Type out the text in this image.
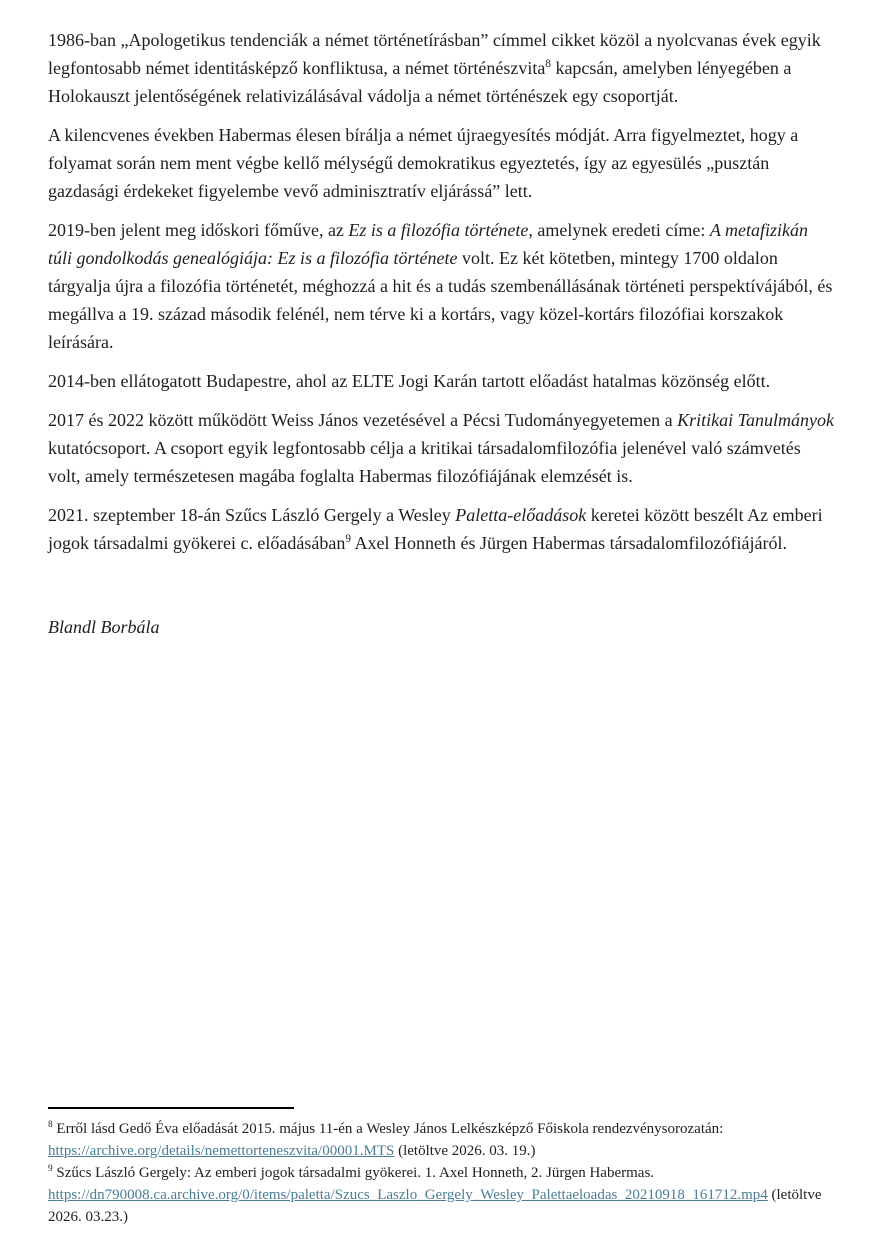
1986-ban „Apologetikus tendenciák a német történetírásban” címmel cikket közöl a nyolcvanas évek egyik legfontosabb német identitásképző konfliktusa, a német történészvita$^8$ kapcsán, amelyben lényegében a Holokauszt jelentőségének relativizálásával vádolja a német történészek egy csoportját.

A kilencvenes években Habermas élesen bírálja a német újraegyesítés módját. Arra figyelmeztet, hogy a folyamat során nem ment végbe kellő mélységű demokratikus egyeztetés, így az egyesülés „pusztán gazdasági érdekeket figyelembe vevő adminisztratív eljárássá” lett.

2019-ben jelent meg időskori főműve, az Ez is a filozófia története, amelynek eredeti címe: A metafizikán túli gondolkodás genealógiája: Ez is a filozófia története volt. Ez két kötetben, mintegy 1700 oldalon tárgyalja újra a filozófia történetét, méghozzá a hit és a tudás szembenállásának történeti perspektívájából, és megállva a 19. század második felénél, nem térve ki a kortárs, vagy közel-kortárs filozófiai korszakok leírására.

2014-ben ellátogatott Budapestre, ahol az ELTE Jogi Karán tartott előadást hatalmas közönség előtt.

2017 és 2022 között működött Weiss János vezetésével a Pécsi Tudományegyetemen a Kritikai Tanulmányok kutatócsoport. A csoport egyik legfontosabb célja a kritikai társadalomfilozófia jelenével való számvetés volt, amely természetesen magába foglalta Habermas filozófiájának elemzését is.

2021. szeptember 18-án Szűcs László Gergely a Wesley Paletta-előadások keretei között beszélt Az emberi jogok társadalmi gyökerei c. előadásában$^9$ Axel Honneth és Jürgen Habermas társadalomfilozófiájáról.

Blandl Borbála

$^8$ Erről lásd Gedő Éva előadását 2015. május 11-én a Wesley János Lelkészképző Főiskola rendezvénysorozatán: https://archive.org/details/nemettorteneszvita/00001.MTS (letöltve 2026. 03. 19.)

$^9$ Szűcs László Gergely: Az emberi jogok társadalmi gyökerei. 1. Axel Honneth, 2. Jürgen Habermas. https://dn790008.ca.archive.org/0/items/paletta/Szucs_Laszlo_Gergely_Wesley_Palettaeloadas_20210918_161712.mp4 (letöltve 2026. 03.23.)
